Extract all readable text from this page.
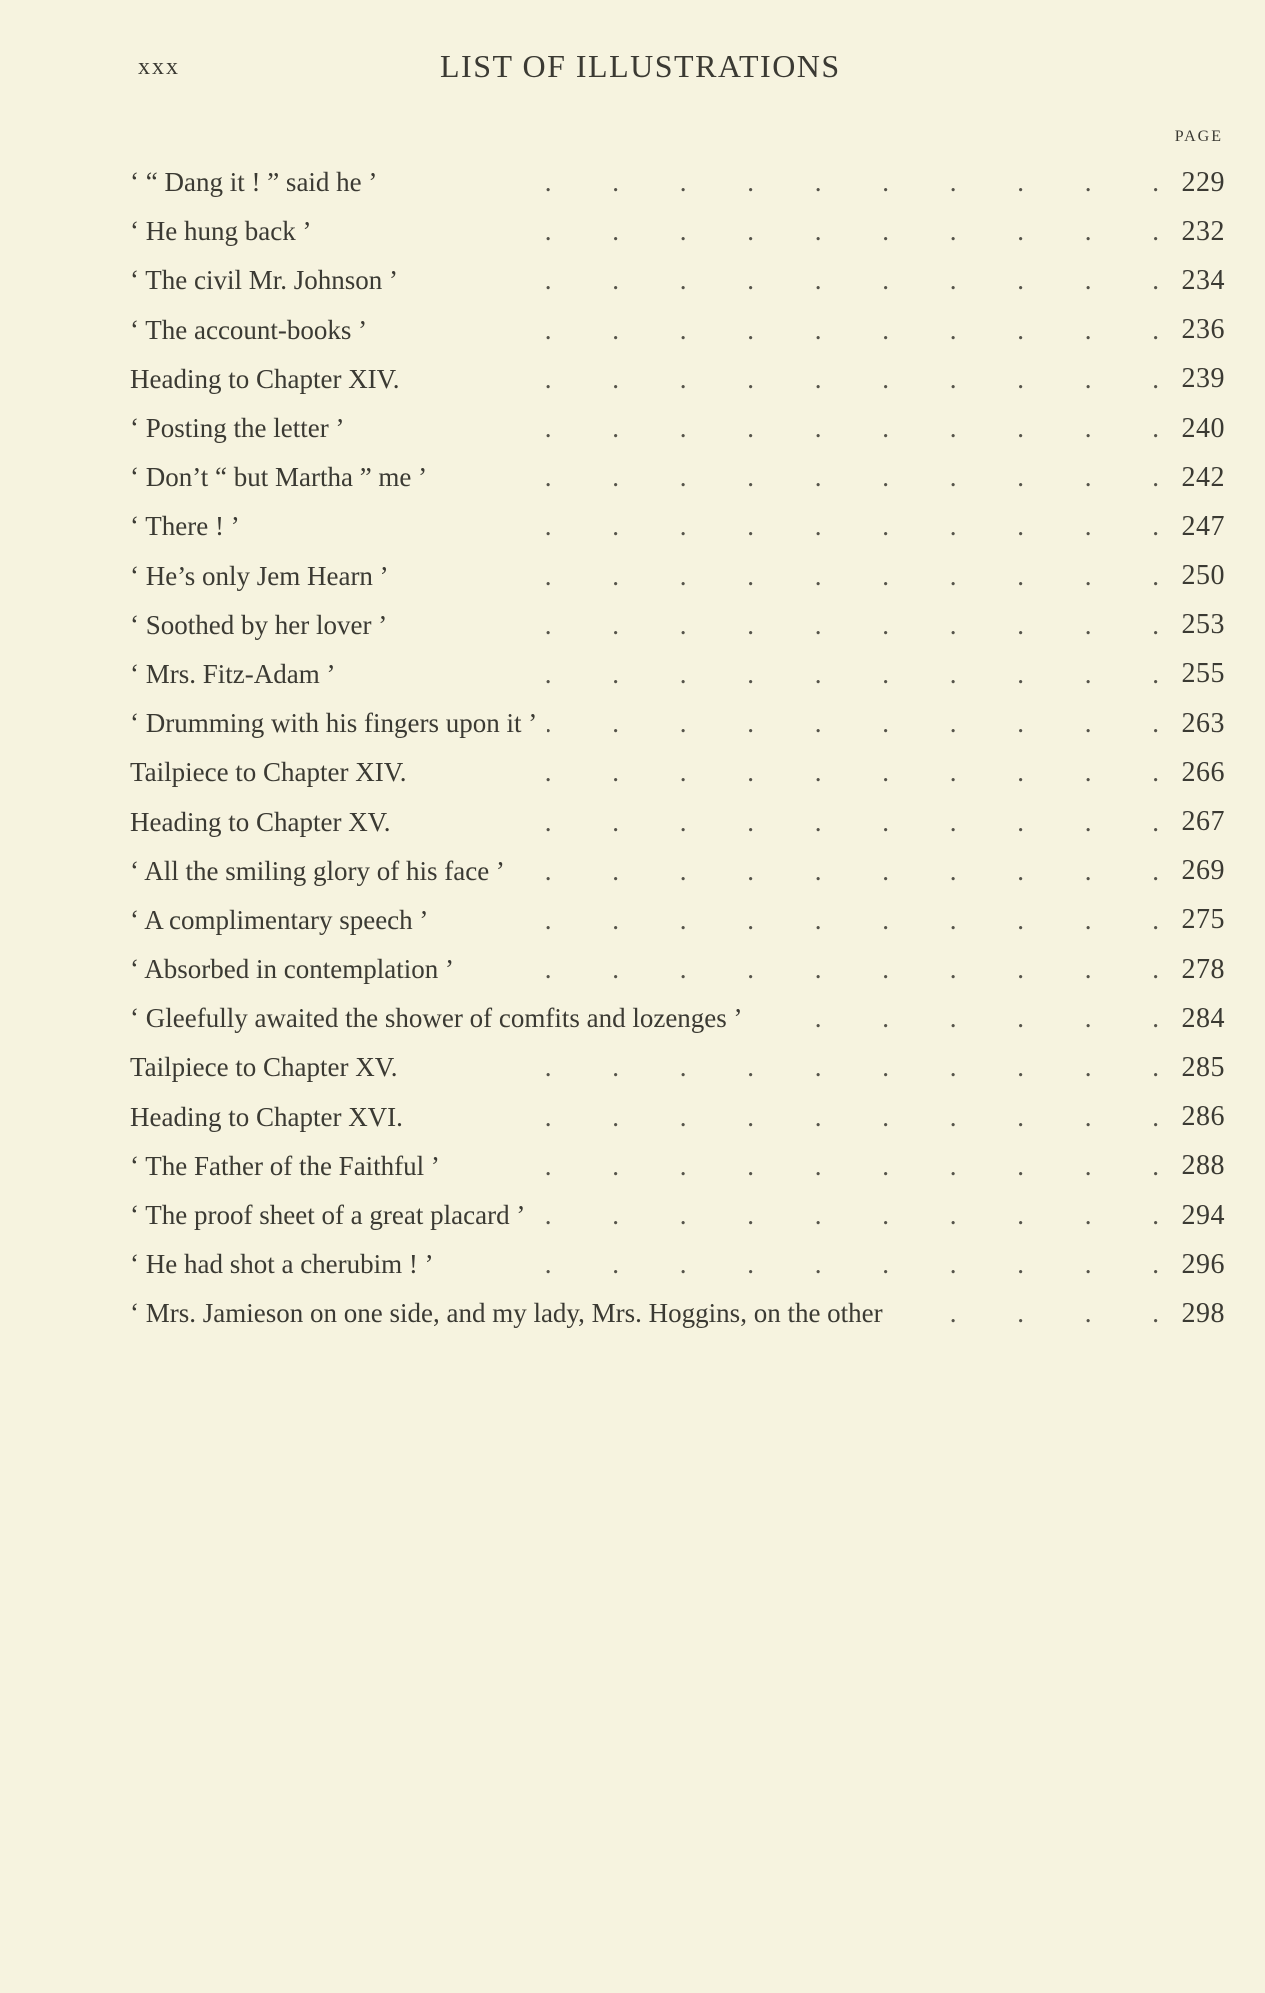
xxx	LIST OF ILLUSTRATIONS
PAGE
‘ “ Dang it ! ” said he ’ .	229
‘ He hung back ’ .	232
‘ The civil Mr. Johnson ’ .	234
‘ The account-books ’ .	236
Heading to Chapter XIV. .	239
‘ Posting the letter ’ .	240
‘ Don’t “ but Martha ” me ’ .	242
‘ There ! ’ .	247
‘ He’s only Jem Hearn ’ .	250
‘ Soothed by her lover ’ .	253
‘ Mrs. Fitz-Adam ’ .	255
‘ Drumming with his fingers upon it ’ .	263
Tailpiece to Chapter XIV. .	266
Heading to Chapter XV. .	267
‘ All the smiling glory of his face ’ .	269
‘ A complimentary speech ’ .	275
‘ Absorbed in contemplation ’ .	278
‘ Gleefully awaited the shower of comfits and lozenges ’ .	284
Tailpiece to Chapter XV. .	285
Heading to Chapter XVI. .	286
‘ The Father of the Faithful ’ .	288
‘ The proof sheet of a great placard ’ .	294
‘ He had shot a cherubim ! ’ .	296
‘ Mrs. Jamieson on one side, and my lady, Mrs. Hoggins, on the other .	298
